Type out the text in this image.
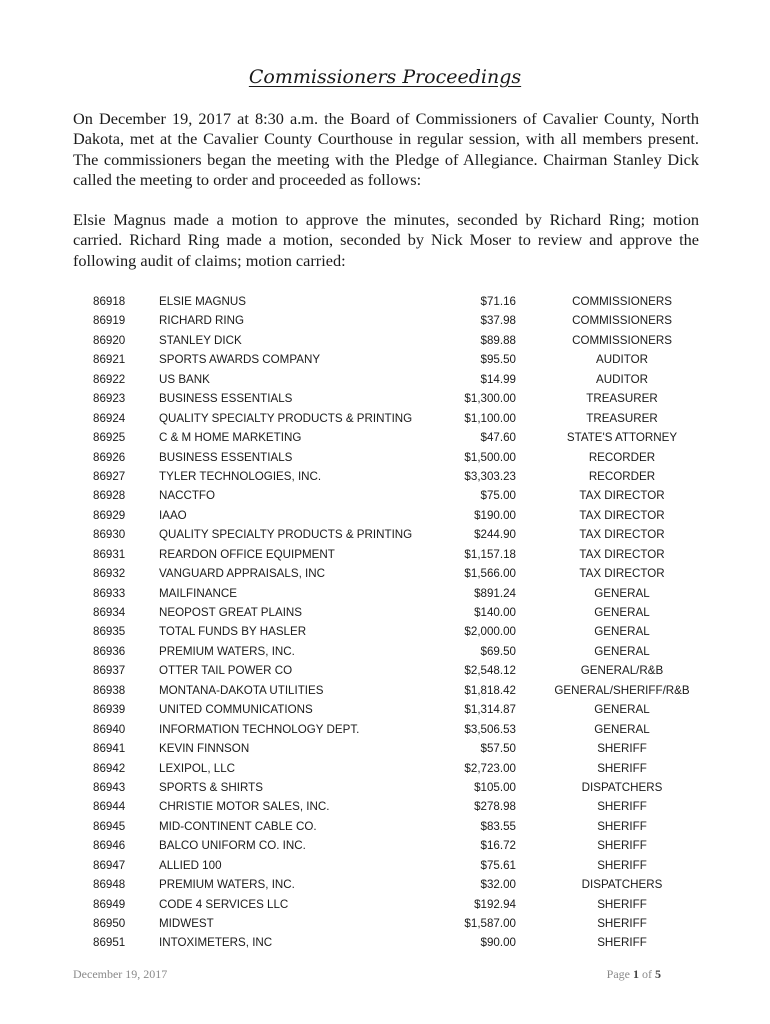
Commissioners Proceedings

On December 19, 2017 at 8:30 a.m. the Board of Commissioners of Cavalier County, North Dakota, met at the Cavalier County Courthouse in regular session, with all members present. The commissioners began the meeting with the Pledge of Allegiance. Chairman Stanley Dick called the meeting to order and proceeded as follows:

Elsie Magnus made a motion to approve the minutes, seconded by Richard Ring; motion carried. Richard Ring made a motion, seconded by Nick Moser to review and approve the following audit of claims; motion carried:

86918	ELSIE MAGNUS	$71.16	COMMISSIONERS
86919	RICHARD RING	$37.98	COMMISSIONERS
86920	STANLEY DICK	$89.88	COMMISSIONERS
86921	SPORTS AWARDS COMPANY	$95.50	AUDITOR
86922	US BANK	$14.99	AUDITOR
86923	BUSINESS ESSENTIALS	$1,300.00	TREASURER
86924	QUALITY SPECIALTY PRODUCTS & PRINTING	$1,100.00	TREASURER
86925	C & M HOME MARKETING	$47.60	STATE'S ATTORNEY
86926	BUSINESS ESSENTIALS	$1,500.00	RECORDER
86927	TYLER TECHNOLOGIES, INC.	$3,303.23	RECORDER
86928	NACCTFO	$75.00	TAX DIRECTOR
86929	IAAO	$190.00	TAX DIRECTOR
86930	QUALITY SPECIALTY PRODUCTS & PRINTING	$244.90	TAX DIRECTOR
86931	REARDON OFFICE EQUIPMENT	$1,157.18	TAX DIRECTOR
86932	VANGUARD APPRAISALS, INC	$1,566.00	TAX DIRECTOR
86933	MAILFINANCE	$891.24	GENERAL
86934	NEOPOST GREAT PLAINS	$140.00	GENERAL
86935	TOTAL FUNDS BY HASLER	$2,000.00	GENERAL
86936	PREMIUM WATERS, INC.	$69.50	GENERAL
86937	OTTER TAIL POWER CO	$2,548.12	GENERAL/R&B
86938	MONTANA-DAKOTA UTILITIES	$1,818.42	GENERAL/SHERIFF/R&B
86939	UNITED COMMUNICATIONS	$1,314.87	GENERAL
86940	INFORMATION TECHNOLOGY DEPT.	$3,506.53	GENERAL
86941	KEVIN FINNSON	$57.50	SHERIFF
86942	LEXIPOL, LLC	$2,723.00	SHERIFF
86943	SPORTS & SHIRTS	$105.00	DISPATCHERS
86944	CHRISTIE MOTOR SALES, INC.	$278.98	SHERIFF
86945	MID-CONTINENT CABLE CO.	$83.55	SHERIFF
86946	BALCO UNIFORM CO. INC.	$16.72	SHERIFF
86947	ALLIED 100	$75.61	SHERIFF
86948	PREMIUM WATERS, INC.	$32.00	DISPATCHERS
86949	CODE 4 SERVICES LLC	$192.94	SHERIFF
86950	MIDWEST	$1,587.00	SHERIFF
86951	INTOXIMETERS, INC	$90.00	SHERIFF
December 19, 2017	Page 1 of 5
